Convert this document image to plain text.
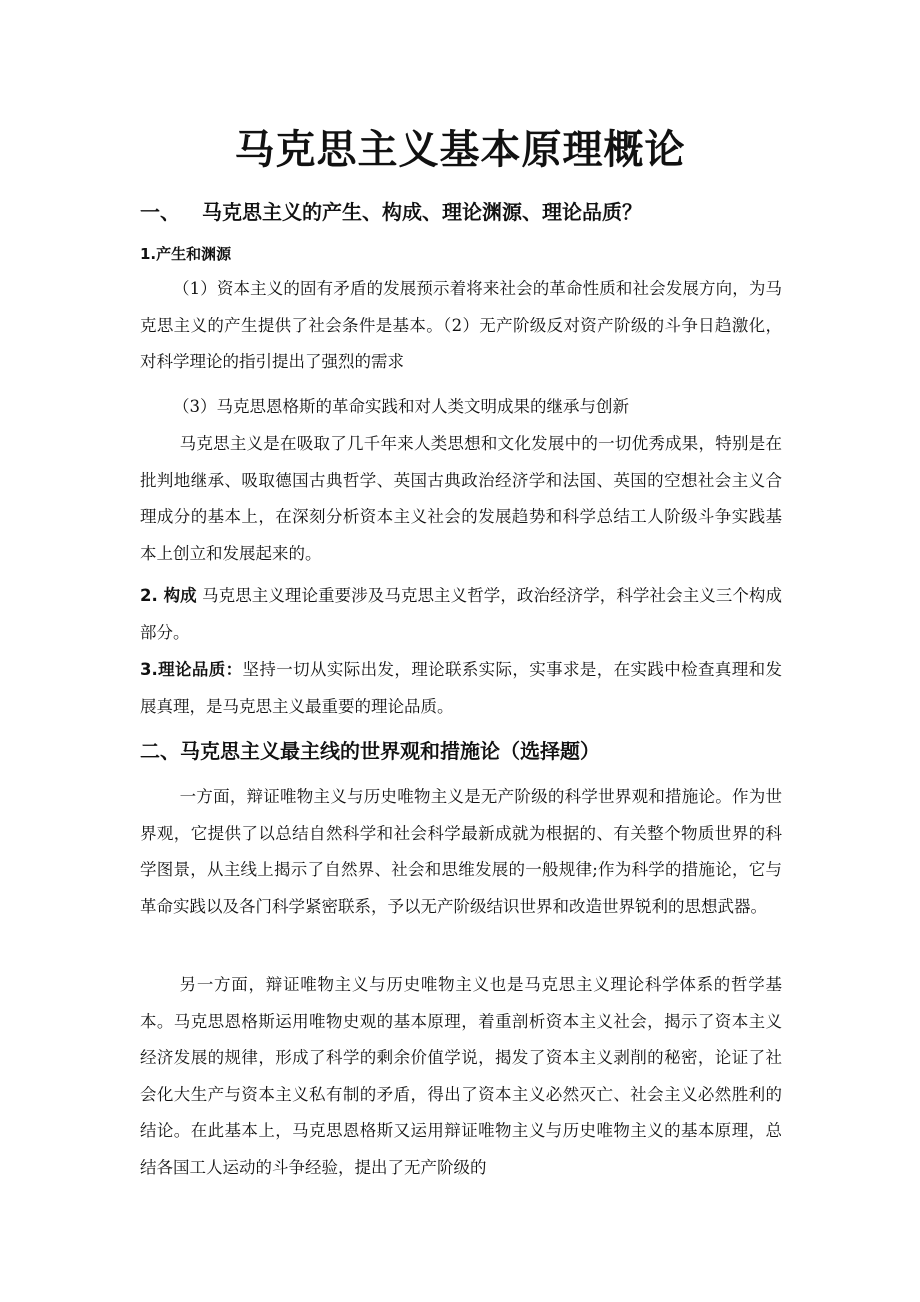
马克思主义基本原理概论
一、 马克思主义的产生、构成、理论渊源、理论品质？
1.产生和渊源
（1）资本主义的固有矛盾的发展预示着将来社会的革命性质和社会发展方向，为马克思主义的产生提供了社会条件是基本。（2）无产阶级反对资产阶级的斗争日趋激化，对科学理论的指引提出了强烈的需求
（3）马克思恩格斯的革命实践和对人类文明成果的继承与创新
马克思主义是在吸取了几千年来人类思想和文化发展中的一切优秀成果，特别是在批判地继承、吸取德国古典哲学、英国古典政治经济学和法国、英国的空想社会主义合理成分的基本上，在深刻分析资本主义社会的发展趋势和科学总结工人阶级斗争实践基本上创立和发展起来的。
2. 构成 马克思主义理论重要涉及马克思主义哲学，政治经济学，科学社会主义三个构成部分。
3.理论品质：坚持一切从实际出发，理论联系实际，实事求是，在实践中检查真理和发展真理，是马克思主义最重要的理论品质。
二、马克思主义最主线的世界观和措施论（选择题）
一方面，辩证唯物主义与历史唯物主义是无产阶级的科学世界观和措施论。作为世界观，它提供了以总结自然科学和社会科学最新成就为根据的、有关整个物质世界的科学图景，从主线上揭示了自然界、社会和思维发展的一般规律;作为科学的措施论，它与革命实践以及各门科学紧密联系，予以无产阶级结识世界和改造世界锐利的思想武器。
另一方面，辩证唯物主义与历史唯物主义也是马克思主义理论科学体系的哲学基本。马克思恩格斯运用唯物史观的基本原理，着重剖析资本主义社会，揭示了资本主义经济发展的规律，形成了科学的剩余价值学说，揭发了资本主义剥削的秘密，论证了社会化大生产与资本主义私有制的矛盾，得出了资本主义必然灭亡、社会主义必然胜利的结论。在此基本上，马克思恩格斯又运用辩证唯物主义与历史唯物主义的基本原理，总结各国工人运动的斗争经验，提出了无产阶级的
